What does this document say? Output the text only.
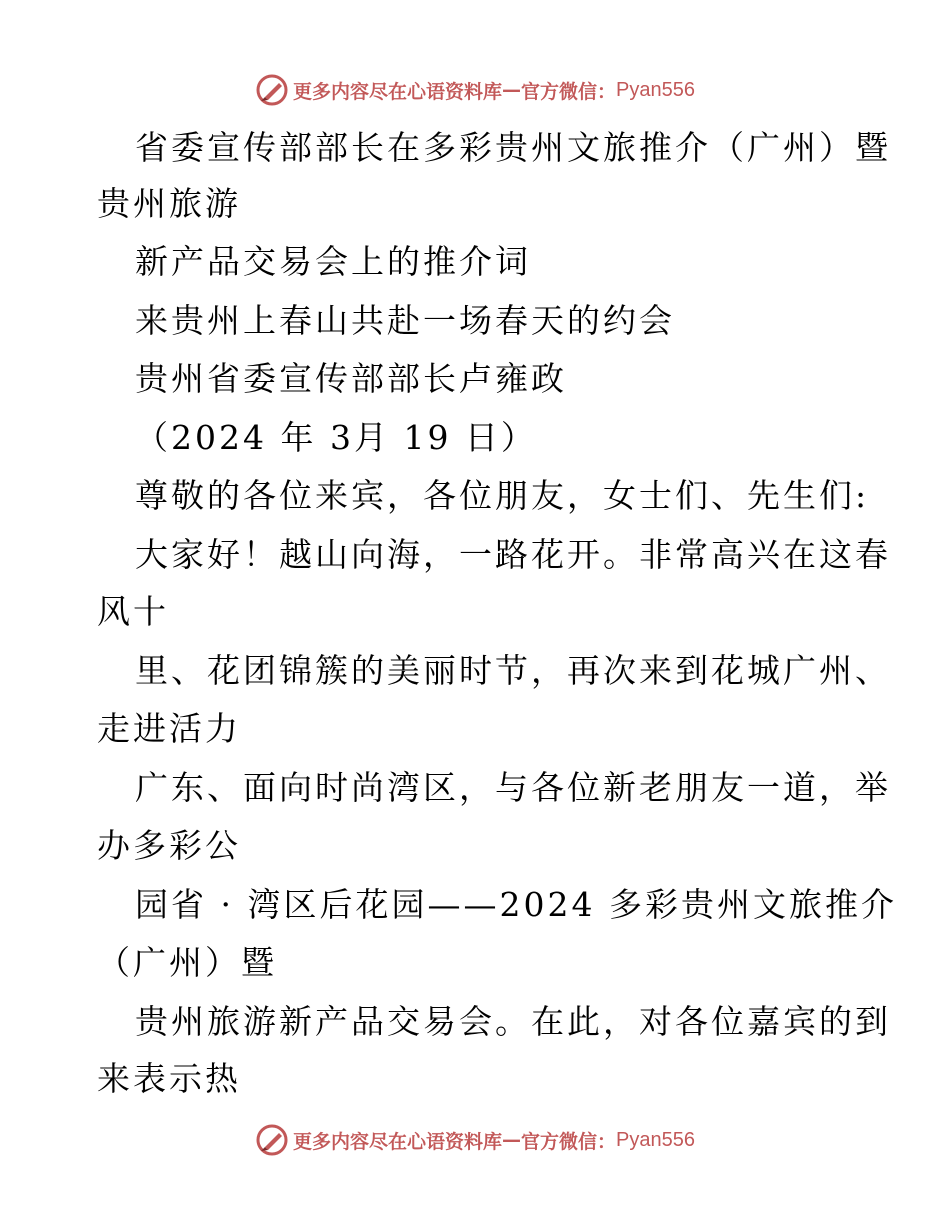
更多内容尽在心语资料库 — 官方微信： Pyan556
省委宣传部部长在多彩贵州文旅推介（广州）暨
贵州旅游
新产品交易会上的推介词
来贵州上春山共赴一场春天的约会
贵州省委宣传部部长卢雍政
（2024 年 3月 19 日）
尊敬的各位来宾，各位朋友，女士们、先生们:
大家好！越山向海，一路花开。非常高兴在这春
风十
里、花团锦簇的美丽时节，再次来到花城广州、
走进活力
广东、面向时尚湾区，与各位新老朋友一道，举
办多彩公
园省 · 湾区后花园——2024 多彩贵州文旅推介
（广州）暨
贵州旅游新产品交易会。在此，对各位嘉宾的到
来表示热
更多内容尽在心语资料库 — 官方微信： Pyan556
